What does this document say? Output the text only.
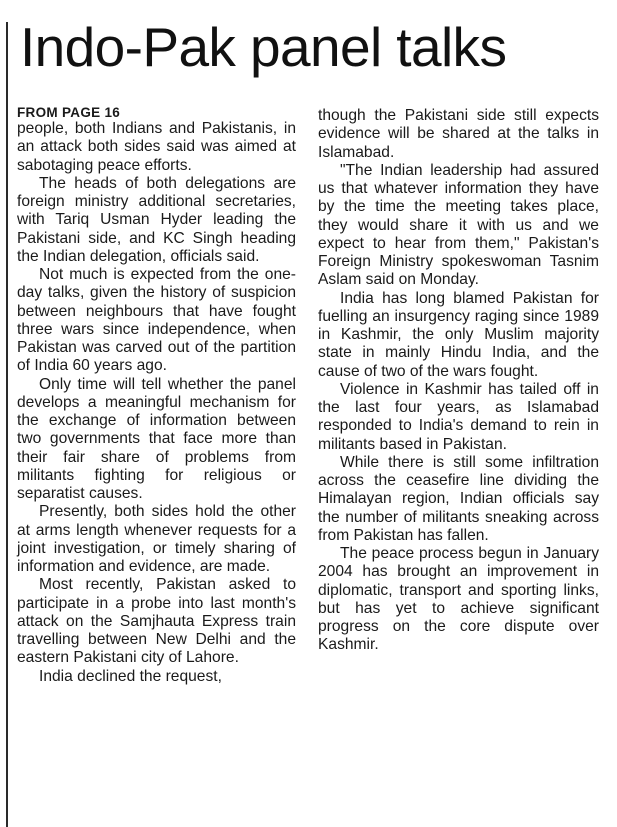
Indo-Pak panel talks

FROM PAGE 16

people, both Indians and Pakistanis, in an attack both sides said was aimed at sabotaging peace efforts.

The heads of both delegations are foreign ministry additional secretaries, with Tariq Usman Hyder leading the Pakistani side, and KC Singh heading the Indian delegation, officials said.

Not much is expected from the one-day talks, given the history of suspicion between neighbours that have fought three wars since independence, when Pakistan was carved out of the partition of India 60 years ago.

Only time will tell whether the panel develops a meaningful mechanism for the exchange of information between two governments that face more than their fair share of problems from militants fighting for religious or separatist causes.

Presently, both sides hold the other at arms length whenever requests for a joint investigation, or timely sharing of information and evidence, are made.

Most recently, Pakistan asked to participate in a probe into last month's attack on the Samjhauta Express train travelling between New Delhi and the eastern Pakistani city of Lahore.

India declined the request,

though the Pakistani side still expects evidence will be shared at the talks in Islamabad.

"The Indian leadership had assured us that whatever information they have by the time the meeting takes place, they would share it with us and we expect to hear from them," Pakistan's Foreign Ministry spokeswoman Tasnim Aslam said on Monday.

India has long blamed Pakistan for fuelling an insurgency raging since 1989 in Kashmir, the only Muslim majority state in mainly Hindu India, and the cause of two of the wars fought.

Violence in Kashmir has tailed off in the last four years, as Islamabad responded to India's demand to rein in militants based in Pakistan.

While there is still some infiltration across the ceasefire line dividing the Himalayan region, Indian officials say the number of militants sneaking across from Pakistan has fallen.

The peace process begun in January 2004 has brought an improvement in diplomatic, transport and sporting links, but has yet to achieve significant progress on the core dispute over Kashmir.
